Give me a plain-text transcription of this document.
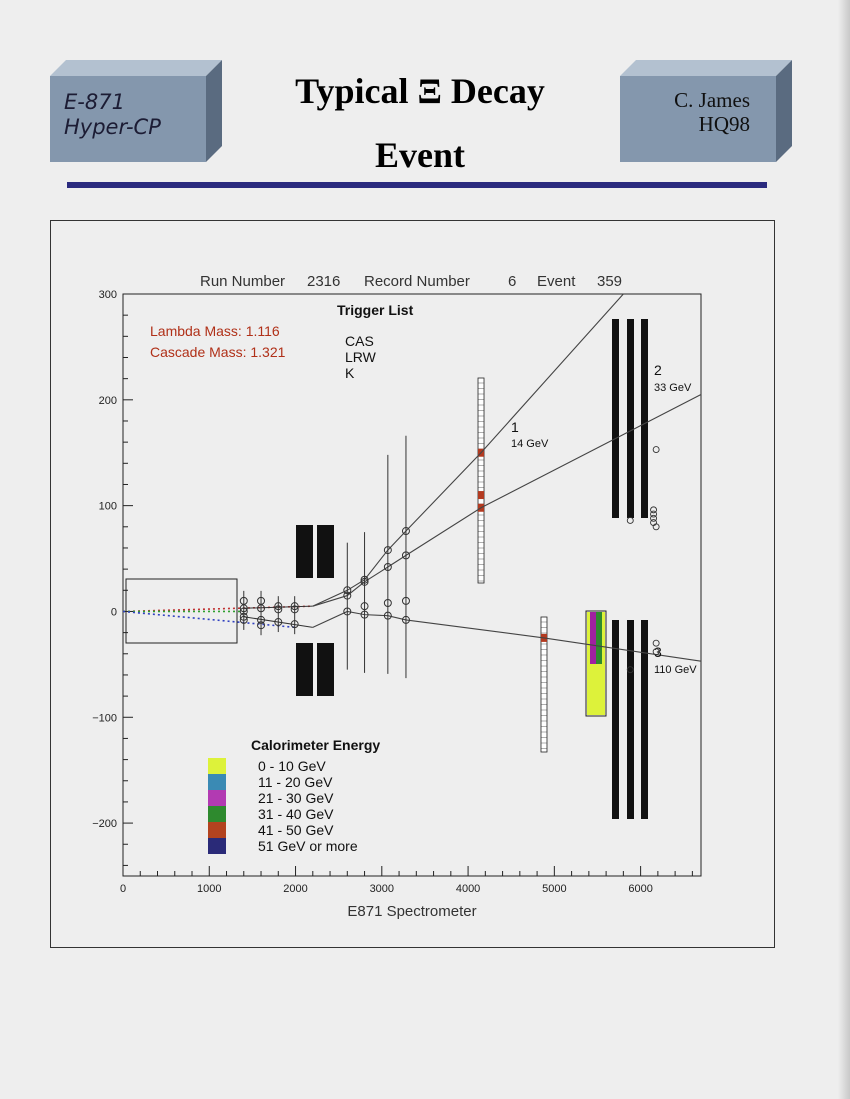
E-871
Hyper-CP
Typical Ξ Decay
Event
C. James
HQ98
Run Number 2316 Record Number	6 Event 359
0	1000	2000	3000	4000	5000	6000
300
200
100
0
−100
−200
1
14 GeV
2
33 GeV
3
110 GeV
E871 Spectrometer
Lambda Mass: 1.116
Cascade Mass: 1.321
Trigger List
CAS
LRW
K
Calorimeter Energy
0 - 10 GeV
11 - 20 GeV
21 - 30 GeV
31 - 40 GeV
41 - 50 GeV
51 GeV or more
